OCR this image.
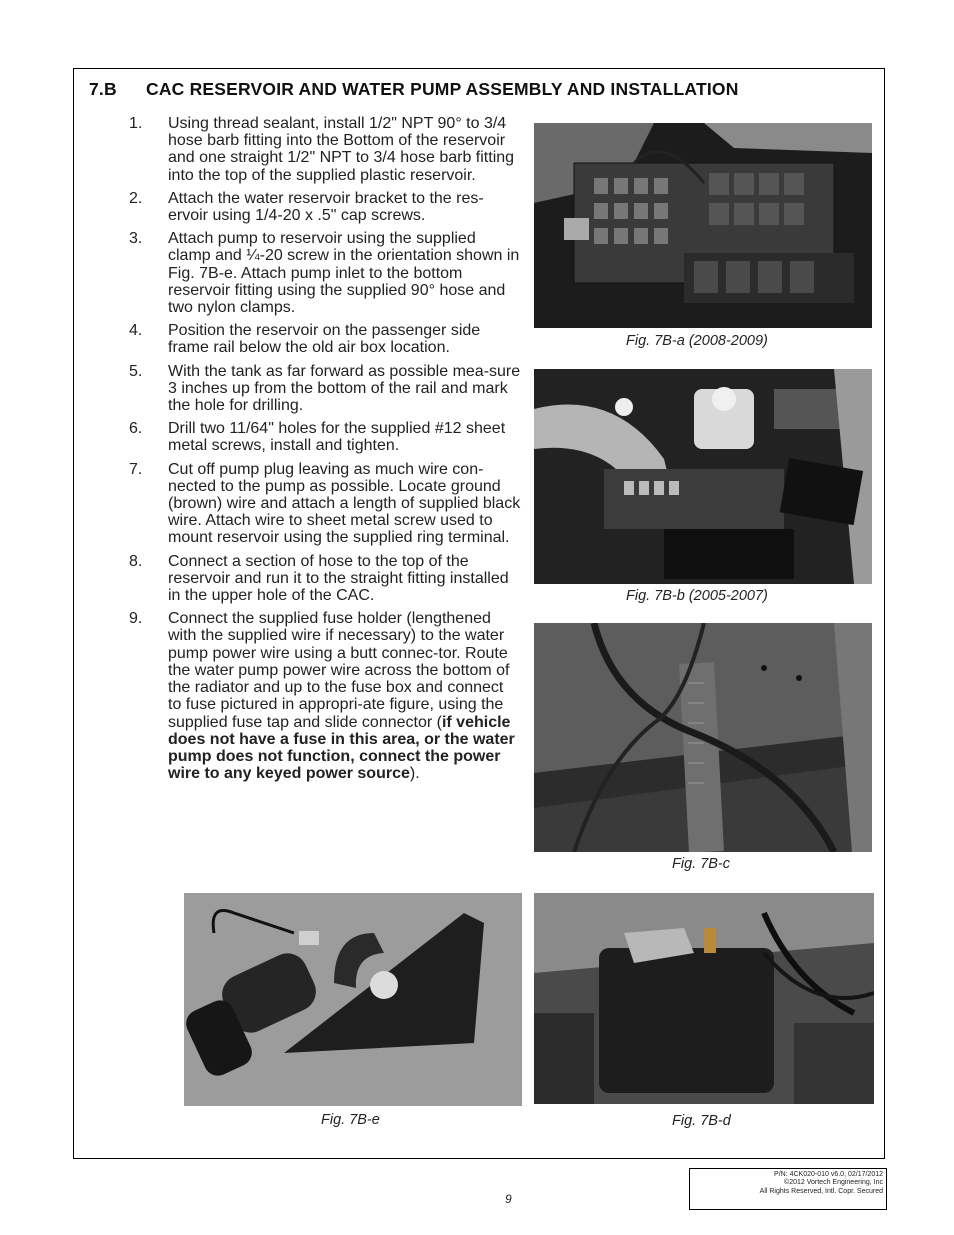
7.B CAC RESERVOIR AND WATER PUMP ASSEMBLY AND INSTALLATION
1. Using thread sealant, install 1/2" NPT 90° to 3/4 hose barb fitting into the Bottom of the reservoir and one straight 1/2" NPT to 3/4 hose barb fitting into the top of the supplied plastic reservoir.
2. Attach the water reservoir bracket to the res-ervoir using 1/4-20 x .5" cap screws.
3. Attach pump to reservoir using the supplied clamp and ¼-20 screw in the orientation shown in Fig. 7B-e. Attach pump inlet to the bottom reservoir fitting using the supplied 90° hose and two nylon clamps.
4. Position the reservoir on the passenger side frame rail below the old air box location.
5. With the tank as far forward as possible mea-sure 3 inches up from the bottom of the rail and mark the hole for drilling.
6. Drill two 11/64" holes for the supplied #12 sheet metal screws, install and tighten.
7. Cut off pump plug leaving as much wire con-nected to the pump as possible. Locate ground (brown) wire and attach a length of supplied black wire. Attach wire to sheet metal screw used to mount reservoir using the supplied ring terminal.
8. Connect a section of hose to the top of the reservoir and run it to the straight fitting installed in the upper hole of the CAC.
9. Connect the supplied fuse holder (lengthened with the supplied wire if necessary) to the water pump power wire using a butt connec-tor. Route the water pump power wire across the bottom of the radiator and up to the fuse box and connect to fuse pictured in appropri-ate figure, using the supplied fuse tap and slide connector (if vehicle does not have a fuse in this area, or the water pump does not function, connect the power wire to any keyed power source).
Fig. 7B-a (2008-2009)
Fig. 7B-b (2005-2007)
Fig. 7B-c
Fig. 7B-e	Fig. 7B-d
9
P/N: 4CK020-010 v6.0, 02/17/2012
©2012 Vortech Engineering, Inc
All Rights Reserved, Intl. Copr. Secured
